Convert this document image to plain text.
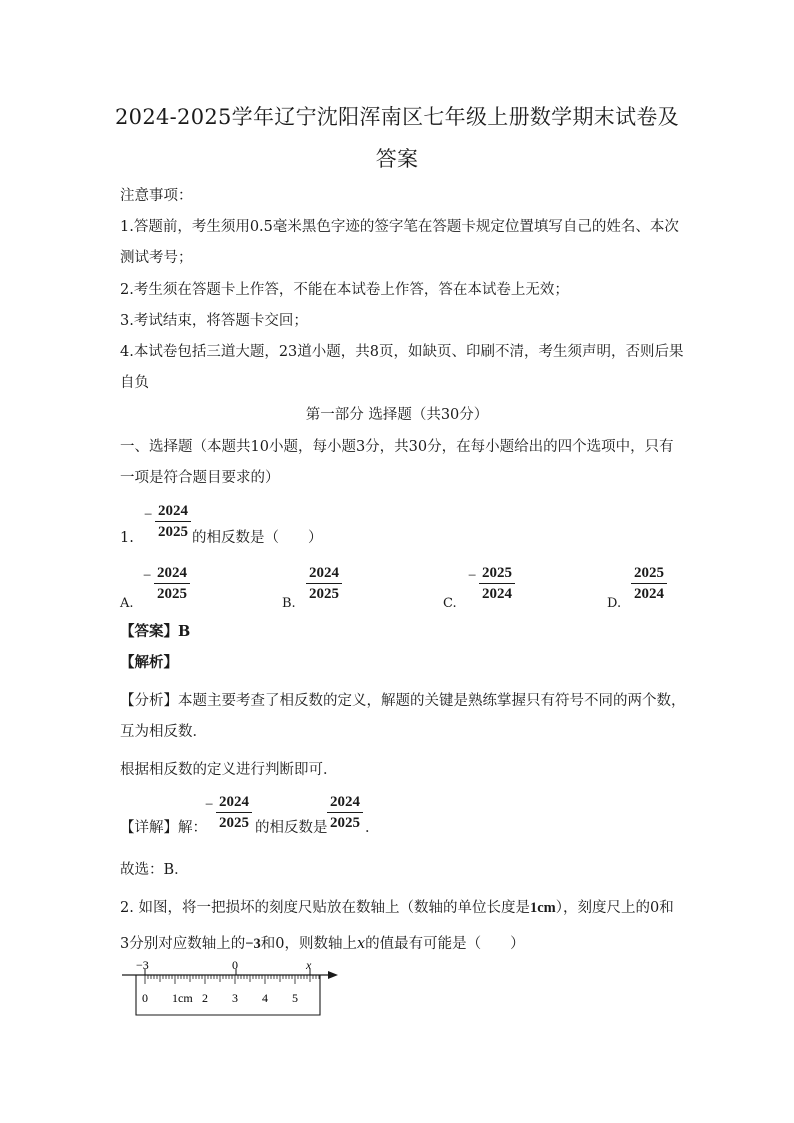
2024-2025学年辽宁沈阳浑南区七年级上册数学期末试卷及
答案
注意事项：
1.答题前，考生须用0.5毫米黑色字迹的签字笔在答题卡规定位置填写自己的姓名、本次
测试考号；
2.考生须在答题卡上作答，不能在本试卷上作答，答在本试卷上无效；
3.考试结束，将答题卡交回；
4.本试卷包括三道大题，23道小题，共8页，如缺页、印刷不清，考生须声明，否则后果
自负
第一部分 选择题（共30分）
一、选择题（本题共10小题，每小题3分，共30分，在每小题给出的四个选项中，只有
一项是符合题目要求的）
1.
− 2024
2025 的相反数是（　　）
A.
− 2024
2025
B.
2024
2025
C.
− 2025
2024
D.
2025
2024
【答案】B
【解析】
【分析】本题主要考查了相反数的定义，解题的关键是熟练掌握只有符号不同的两个数，
互为相反数．
根据相反数的定义进行判断即可．
【详解】解：
− 2024
2025 的相反数是
2024
2025 ．
故选：B．
2. 如图，将一把损坏的刻度尺贴放在数轴上（数轴的单位长度是1cm），刻度尺上的0和
3分别对应数轴上的−3和0，则数轴上x的值最有可能是（　　）
−3	0	x
0 1cm 2 3 4 5
